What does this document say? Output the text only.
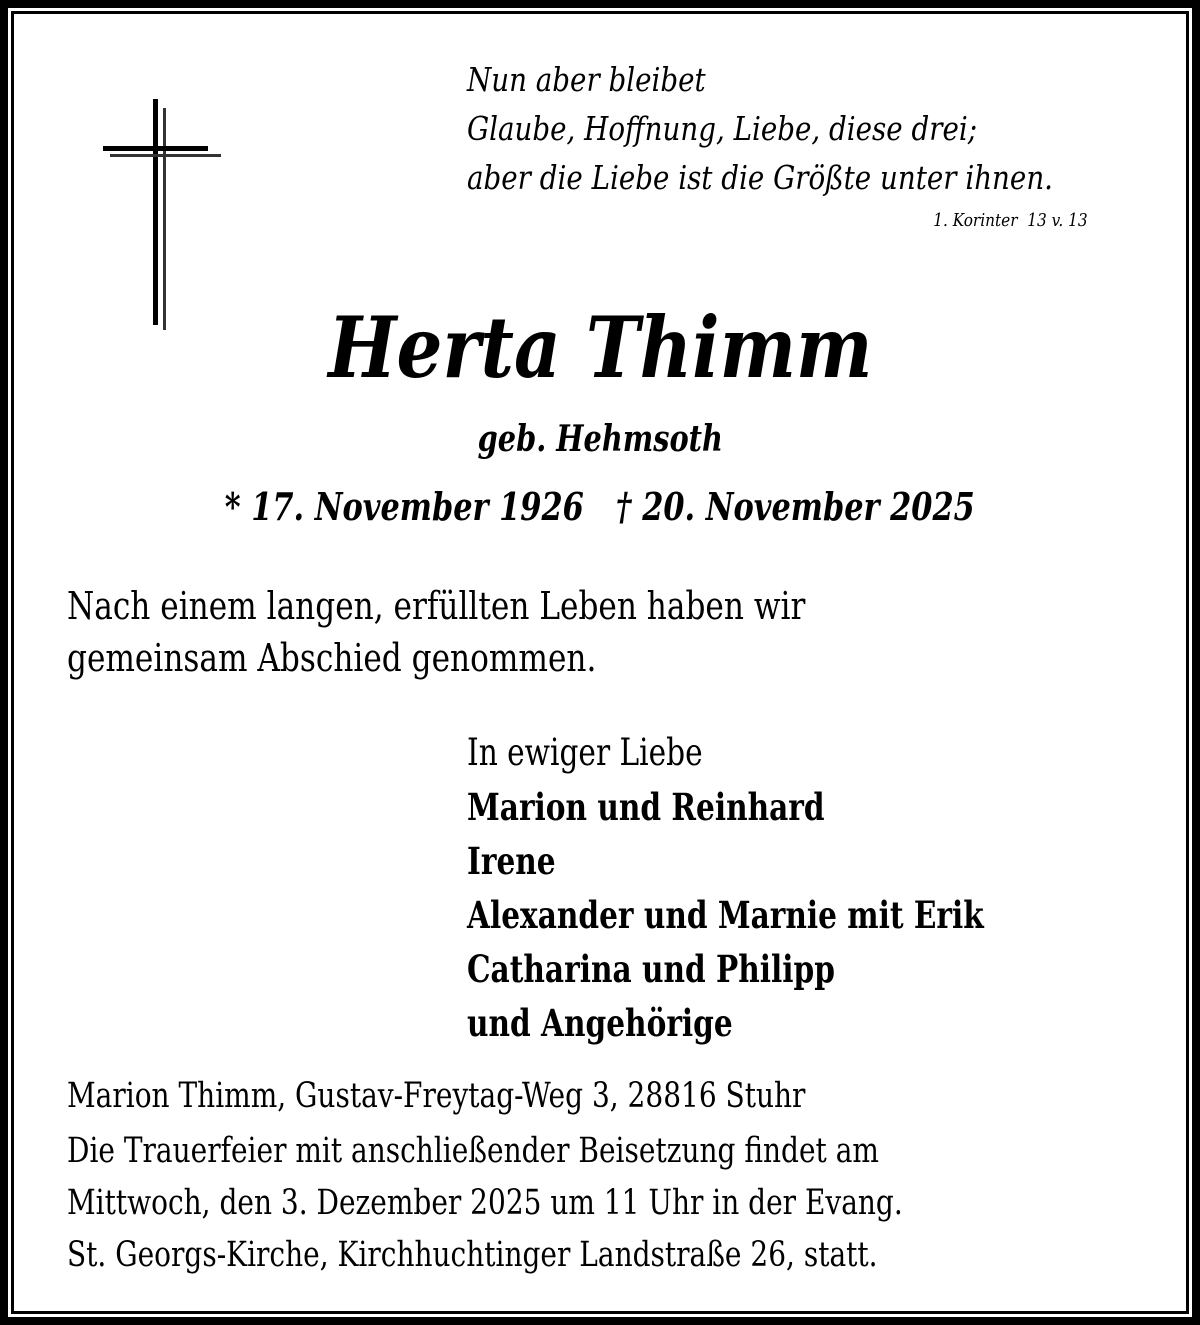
Nun aber bleibet
Glaube, Hoffnung, Liebe, diese drei;
aber die Liebe ist die Größte unter ihnen.
1. Korinter  13 v. 13
Herta Thimm
geb. Hehmsoth
* 17. November 1926 † 20. November 2025
Nach einem langen, erfüllten Leben haben wir
gemeinsam Abschied genommen.
In ewiger Liebe
Marion und Reinhard
Irene
Alexander und Marnie mit Erik
Catharina und Philipp
und Angehörige
Marion Thimm, Gustav-Freytag-Weg 3, 28816 Stuhr
Die Trauerfeier mit anschließender Beisetzung findet am
Mittwoch, den 3. Dezember 2025 um 11 Uhr in der Evang.
St. Georgs-Kirche, Kirchhuchtinger Landstraße 26, statt.
